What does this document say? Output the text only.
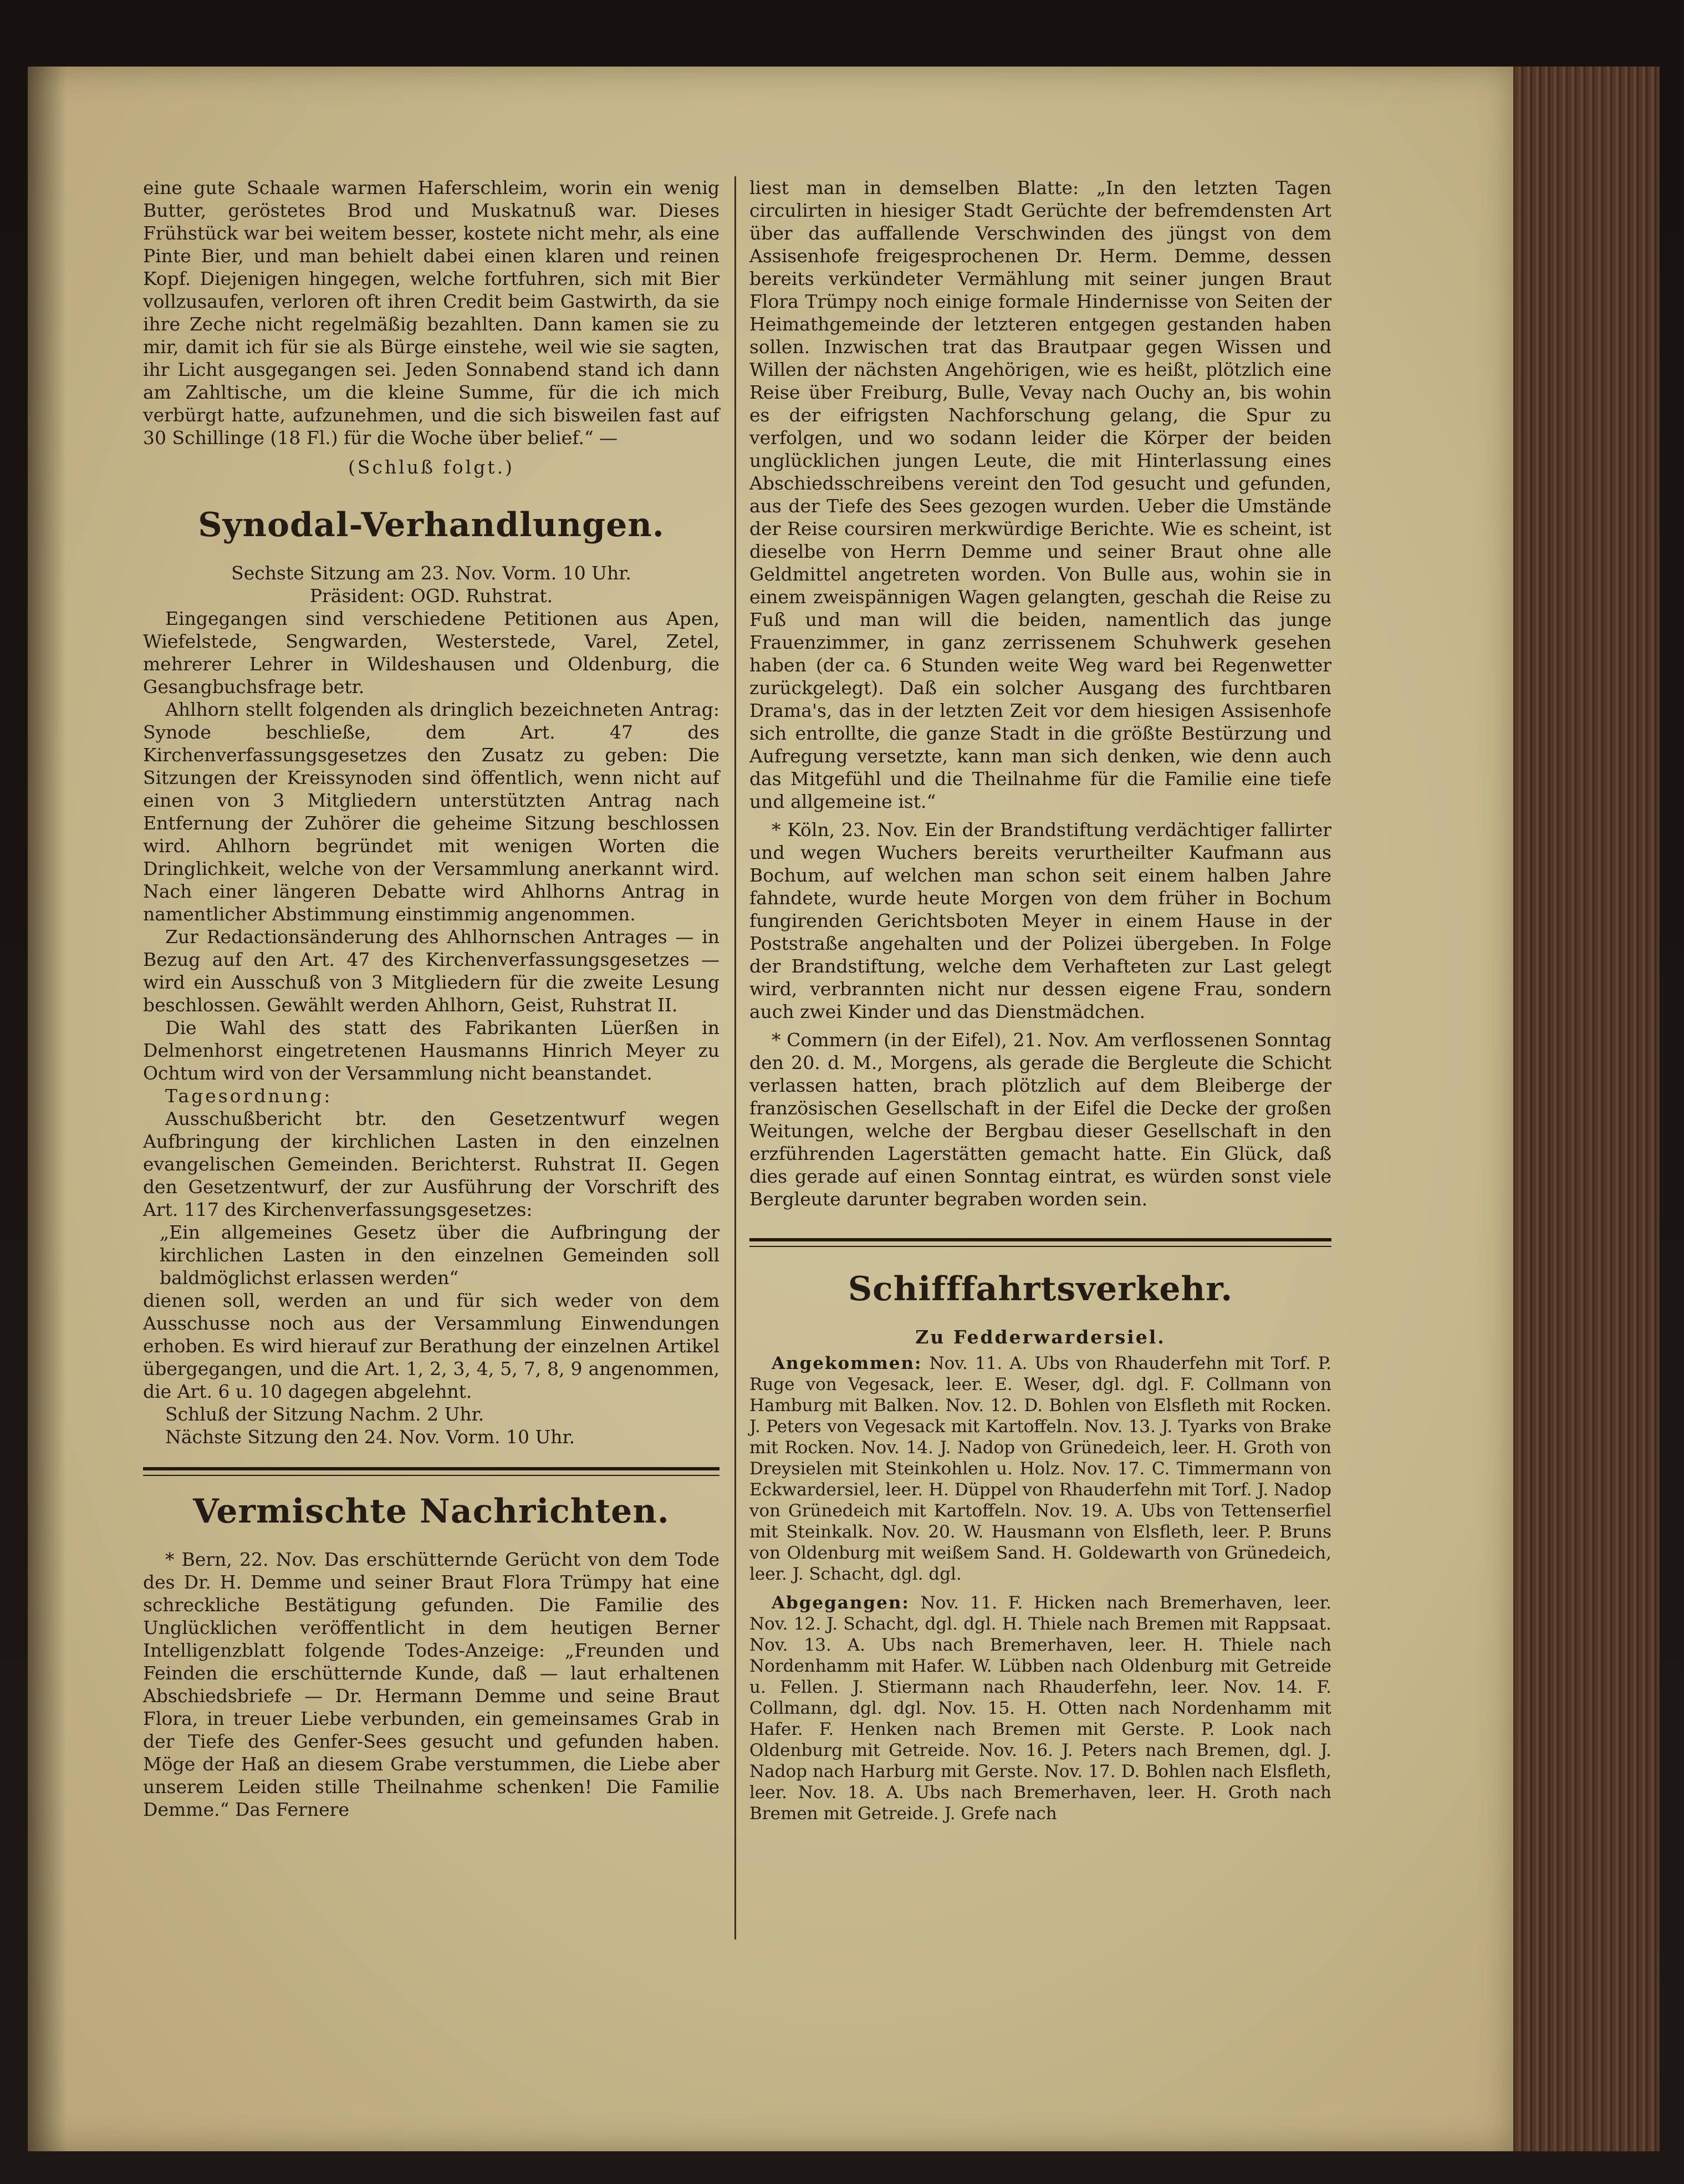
eine gute Schaale warmen Haferschleim, worin ein wenig Butter, geröstetes Brod und Muskatnuß war. Dieses Frühstück war bei weitem besser, kostete nicht mehr, als eine Pinte Bier, und man behielt dabei einen klaren und reinen Kopf. Diejenigen hingegen, welche fortfuhren, sich mit Bier vollzusaufen, verloren oft ihren Credit beim Gastwirth, da sie ihre Zeche nicht regelmäßig bezahlten. Dann kamen sie zu mir, damit ich für sie als Bürge einstehe, weil wie sie sagten, ihr Licht ausgegangen sei. Jeden Sonnabend stand ich dann am Zahltische, um die kleine Summe, für die ich mich verbürgt hatte, aufzunehmen, und die sich bisweilen fast auf 30 Schillinge (18 Fl.) für die Woche über belief.“ —

(Schluß folgt.)

Synodal-Verhandlungen.

Sechste Sitzung am 23. Nov. Vorm. 10 Uhr.

Präsident: OGD. Ruhstrat.

Eingegangen sind verschiedene Petitionen aus Apen, Wiefelstede, Sengwarden, Westerstede, Varel, Zetel, mehrerer Lehrer in Wildeshausen und Oldenburg, die Gesangbuchsfrage betr.

Ahlhorn stellt folgenden als dringlich bezeichneten Antrag: Synode beschließe, dem Art. 47 des Kirchenverfassungsgesetzes den Zusatz zu geben: Die Sitzungen der Kreissynoden sind öffentlich, wenn nicht auf einen von 3 Mitgliedern unterstützten Antrag nach Entfernung der Zuhörer die geheime Sitzung beschlossen wird. Ahlhorn begründet mit wenigen Worten die Dringlichkeit, welche von der Versammlung anerkannt wird. Nach einer längeren Debatte wird Ahlhorns Antrag in namentlicher Abstimmung einstimmig angenommen.

Zur Redactionsänderung des Ahlhornschen Antrages — in Bezug auf den Art. 47 des Kirchenverfassungsgesetzes — wird ein Ausschuß von 3 Mitgliedern für die zweite Lesung beschlossen. Gewählt werden Ahlhorn, Geist, Ruhstrat II.

Die Wahl des statt des Fabrikanten Lüerßen in Delmenhorst eingetretenen Hausmanns Hinrich Meyer zu Ochtum wird von der Versammlung nicht beanstandet.

Tagesordnung:

Ausschußbericht btr. den Gesetzentwurf wegen Aufbringung der kirchlichen Lasten in den einzelnen evangelischen Gemeinden. Berichterst. Ruhstrat II. Gegen den Gesetzentwurf, der zur Ausführung der Vorschrift des Art. 117 des Kirchenverfassungsgesetzes:

„Ein allgemeines Gesetz über die Aufbringung der kirchlichen Lasten in den einzelnen Gemeinden soll baldmöglichst erlassen werden“

dienen soll, werden an und für sich weder von dem Ausschusse noch aus der Versammlung Einwendungen erhoben. Es wird hierauf zur Berathung der einzelnen Artikel übergegangen, und die Art. 1, 2, 3, 4, 5, 7, 8, 9 angenommen, die Art. 6 u. 10 dagegen abgelehnt.

Schluß der Sitzung Nachm. 2 Uhr.

Nächste Sitzung den 24. Nov. Vorm. 10 Uhr.

Vermischte Nachrichten.

* Bern, 22. Nov. Das erschütternde Gerücht von dem Tode des Dr. H. Demme und seiner Braut Flora Trümpy hat eine schreckliche Bestätigung gefunden. Die Familie des Unglücklichen veröffentlicht in dem heutigen Berner Intelligenzblatt folgende Todes-Anzeige: „Freunden und Feinden die erschütternde Kunde, daß — laut erhaltenen Abschiedsbriefe — Dr. Hermann Demme und seine Braut Flora, in treuer Liebe verbunden, ein gemeinsames Grab in der Tiefe des Genfer-Sees gesucht und gefunden haben. Möge der Haß an diesem Grabe verstummen, die Liebe aber unserem Leiden stille Theilnahme schenken! Die Familie Demme.“ Das Fernere

liest man in demselben Blatte: „In den letzten Tagen circulirten in hiesiger Stadt Gerüchte der befremdensten Art über das auffallende Verschwinden des jüngst von dem Assisenhofe freigesprochenen Dr. Herm. Demme, dessen bereits verkündeter Vermählung mit seiner jungen Braut Flora Trümpy noch einige formale Hindernisse von Seiten der Heimathgemeinde der letzteren entgegen gestanden haben sollen. Inzwischen trat das Brautpaar gegen Wissen und Willen der nächsten Angehörigen, wie es heißt, plötzlich eine Reise über Freiburg, Bulle, Vevay nach Ouchy an, bis wohin es der eifrigsten Nachforschung gelang, die Spur zu verfolgen, und wo sodann leider die Körper der beiden unglücklichen jungen Leute, die mit Hinterlassung eines Abschiedsschreibens vereint den Tod gesucht und gefunden, aus der Tiefe des Sees gezogen wurden. Ueber die Umstände der Reise coursiren merkwürdige Berichte. Wie es scheint, ist dieselbe von Herrn Demme und seiner Braut ohne alle Geldmittel angetreten worden. Von Bulle aus, wohin sie in einem zweispännigen Wagen gelangten, geschah die Reise zu Fuß und man will die beiden, namentlich das junge Frauenzimmer, in ganz zerrissenem Schuhwerk gesehen haben (der ca. 6 Stunden weite Weg ward bei Regenwetter zurückgelegt). Daß ein solcher Ausgang des furchtbaren Drama's, das in der letzten Zeit vor dem hiesigen Assisenhofe sich entrollte, die ganze Stadt in die größte Bestürzung und Aufregung versetzte, kann man sich denken, wie denn auch das Mitgefühl und die Theilnahme für die Familie eine tiefe und allgemeine ist.“

* Köln, 23. Nov. Ein der Brandstiftung verdächtiger fallirter und wegen Wuchers bereits verurtheilter Kaufmann aus Bochum, auf welchen man schon seit einem halben Jahre fahndete, wurde heute Morgen von dem früher in Bochum fungirenden Gerichtsboten Meyer in einem Hause in der Poststraße angehalten und der Polizei übergeben. In Folge der Brandstiftung, welche dem Verhafteten zur Last gelegt wird, verbrannten nicht nur dessen eigene Frau, sondern auch zwei Kinder und das Dienstmädchen.

* Commern (in der Eifel), 21. Nov. Am verflossenen Sonntag den 20. d. M., Morgens, als gerade die Bergleute die Schicht verlassen hatten, brach plötzlich auf dem Bleiberge der französischen Gesellschaft in der Eifel die Decke der großen Weitungen, welche der Bergbau dieser Gesellschaft in den erzführenden Lagerstätten gemacht hatte. Ein Glück, daß dies gerade auf einen Sonntag eintrat, es würden sonst viele Bergleute darunter begraben worden sein.

Schifffahrtsverkehr.
Zu Fedderwardersiel.

Angekommen: Nov. 11. A. Ubs von Rhauderfehn mit Torf. P. Ruge von Vegesack, leer. E. Weser, dgl. dgl. F. Collmann von Hamburg mit Balken. Nov. 12. D. Bohlen von Elsfleth mit Rocken. J. Peters von Vegesack mit Kartoffeln. Nov. 13. J. Tyarks von Brake mit Rocken. Nov. 14. J. Nadop von Grünedeich, leer. H. Groth von Dreysielen mit Steinkohlen u. Holz. Nov. 17. C. Timmermann von Eckwardersiel, leer. H. Düppel von Rhauderfehn mit Torf. J. Nadop von Grünedeich mit Kartoffeln. Nov. 19. A. Ubs von Tettenserfiel mit Steinkalk. Nov. 20. W. Hausmann von Elsfleth, leer. P. Bruns von Oldenburg mit weißem Sand. H. Goldewarth von Grünedeich, leer. J. Schacht, dgl. dgl.

Abgegangen: Nov. 11. F. Hicken nach Bremerhaven, leer. Nov. 12. J. Schacht, dgl. dgl. H. Thiele nach Bremen mit Rappsaat. Nov. 13. A. Ubs nach Bremerhaven, leer. H. Thiele nach Nordenhamm mit Hafer. W. Lübben nach Oldenburg mit Getreide u. Fellen. J. Stiermann nach Rhauderfehn, leer. Nov. 14. F. Collmann, dgl. dgl. Nov. 15. H. Otten nach Nordenhamm mit Hafer. F. Henken nach Bremen mit Gerste. P. Look nach Oldenburg mit Getreide. Nov. 16. J. Peters nach Bremen, dgl. J. Nadop nach Harburg mit Gerste. Nov. 17. D. Bohlen nach Elsfleth, leer. Nov. 18. A. Ubs nach Bremerhaven, leer. H. Groth nach Bremen mit Getreide. J. Grefe nach
